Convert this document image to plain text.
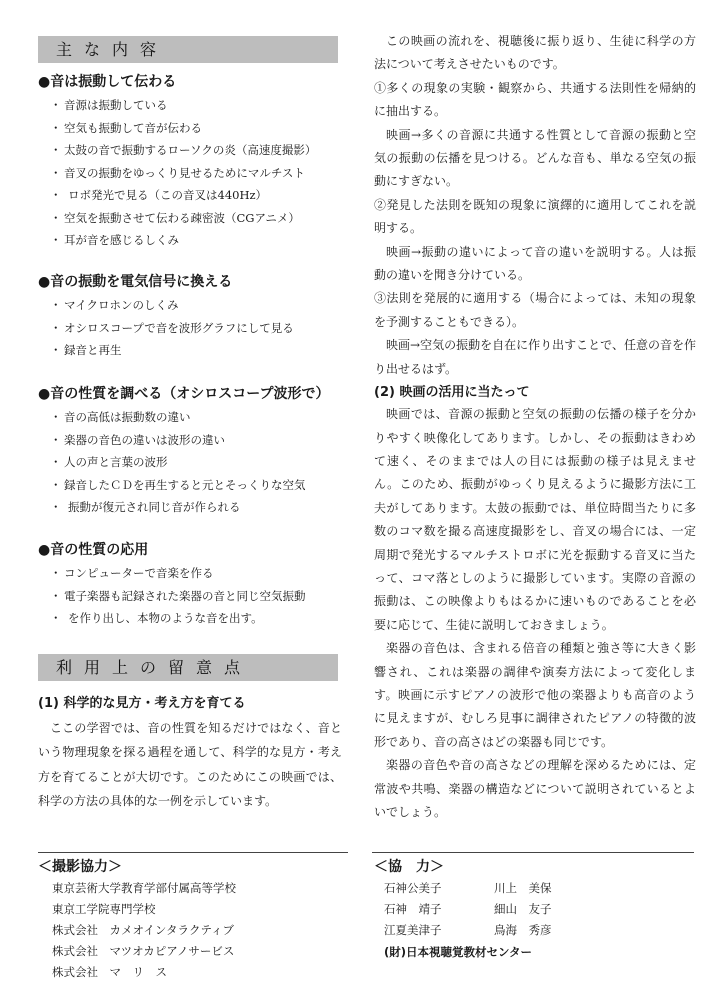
主な内容

●音は振動して伝わる

・ 音源は振動している
・ 空気も振動して音が伝わる
・ 太鼓の音で振動するローソクの炎（高速度撮影）
・ 音叉の振動をゆっくり見せるためにマルチスト
・ ロボ発光で見る（この音叉は440Hz）
・ 空気を振動させて伝わる疎密波（CGアニメ）
・ 耳が音を感じるしくみ

●音の振動を電気信号に換える

・ マイクロホンのしくみ
・ オシロスコープで音を波形グラフにして見る
・ 録音と再生

●音の性質を調べる（オシロスコープ波形で）

・ 音の高低は振動数の違い
・ 楽器の音色の違いは波形の違い
・ 人の声と言葉の波形
・ 録音したＣＤを再生すると元とそっくりな空気
・ 振動が復元され同じ音が作られる

●音の性質の応用

・ コンピューターで音楽を作る
・ 電子楽器も記録された楽器の音と同じ空気振動
・ を作り出し、本物のような音を出す。
利用上の留意点

(1) 科学的な見方・考え方を育てる

ここの学習では、音の性質を知るだけではなく、音という物理現象を探る過程を通して、科学的な見方・考え方を育てることが大切です。このためにこの映画では、科学の方法の具体的な一例を示しています。

この映画の流れを、視聴後に振り返り、生徒に科学の方法について考えさせたいものです。

①多くの現象の実験・観察から、共通する法則性を帰納的に抽出する。

映画→多くの音源に共通する性質として音源の振動と空気の振動の伝播を見つける。どんな音も、単なる空気の振動にすぎない。

②発見した法則を既知の現象に演繹的に適用してこれを説明する。

映画→振動の違いによって音の違いを説明する。人は振動の違いを聞き分けている。

③法則を発展的に適用する（場合によっては、未知の現象を予測することもできる）。

映画→空気の振動を自在に作り出すことで、任意の音を作り出せるはず。

(2) 映画の活用に当たって

映画では、音源の振動と空気の振動の伝播の様子を分かりやすく映像化してあります。しかし、その振動はきわめて速く、そのままでは人の目には振動の様子は見えません。このため、振動がゆっくり見えるように撮影方法に工夫がしてあります。太鼓の振動では、単位時間当たりに多数のコマ数を撮る高速度撮影をし、音叉の場合には、一定周期で発光するマルチストロボに光を振動する音叉に当たって、コマ落としのように撮影しています。実際の音源の振動は、この映像よりもはるかに速いものであることを必要に応じて、生徒に説明しておきましょう。

楽器の音色は、含まれる倍音の種類と強さ等に大きく影響され、これは楽器の調律や演奏方法によって変化します。映画に示すピアノの波形で他の楽器よりも高音のように見えますが、むしろ見事に調律されたピアノの特徴的波形であり、音の高さはどの楽器も同じです。

楽器の音色や音の高さなどの理解を深めるためには、定常波や共鳴、楽器の構造などについて説明されているとよいでしょう。

＜撮影協力＞

東京芸術大学教育学部付属高等学校
東京工学院専門学校
株式会社　カメオインタラクティブ
株式会社　マツオカピアノサービス
株式会社　マ　リ　ス

＜協　力＞

石神公美子	川上　美保
石神　靖子	細山　友子
江夏美津子	鳥海　秀彦

(財)日本視聴覚教材センター
